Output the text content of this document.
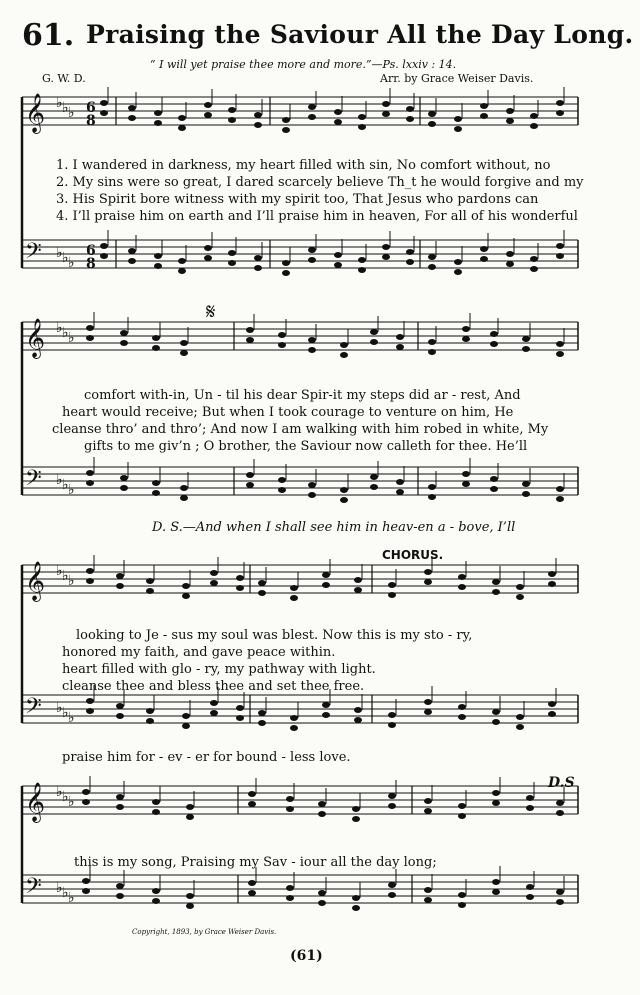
61. Praising the Saviour All the Day Long.
“ I will yet praise thee more and more.”—Ps. lxxiv : 14.
G. W. D.	Arr. by Grace Weiser Davis.
𝄞
𝄢
♭
♭
♭
♭
♭
♭
6
8
6
8
𝄞
𝄢
♭
♭
♭
♭
♭
♭
𝄞
𝄢
♭
♭
♭
♭
♭
♭
𝄞
𝄢
♭
♭
♭
♭
♭
♭
1. I wandered in darkness, my heart filled with sin, No comfort without, no
2. My sins were so great, I dared scarcely believe Th_t he would forgive and my
3. His Spirit bore witness with my spirit too, That Jesus who pardons can
4. I’ll praise him on earth and I’ll praise him in heaven, For all of his wonderful
comfort with-in, Un - til his dear Spir-it my steps did ar - rest, And
heart would receive; But when I took courage to venture on him, He
cleanse thro’ and thro’; And now I am walking with him robed in white, My
gifts to me giv’n ; O brother, the Saviour now calleth for thee. He’ll
D. S.—And when I shall see him in heav-en a - bove, I’ll
looking to Je - sus my soul was blest. Now this is my sto - ry,
honored my faith, and gave peace within.
heart filled with glo - ry, my pathway with light.
cleanse thee and bless thee and set thee free.
praise him for - ev - er for bound - less love.
this is my song, Praising my Sav - iour all the day long;
CHORUS.
D.S
𝄋
Copyright, 1893, by Grace Weiser Davis.
(61)
